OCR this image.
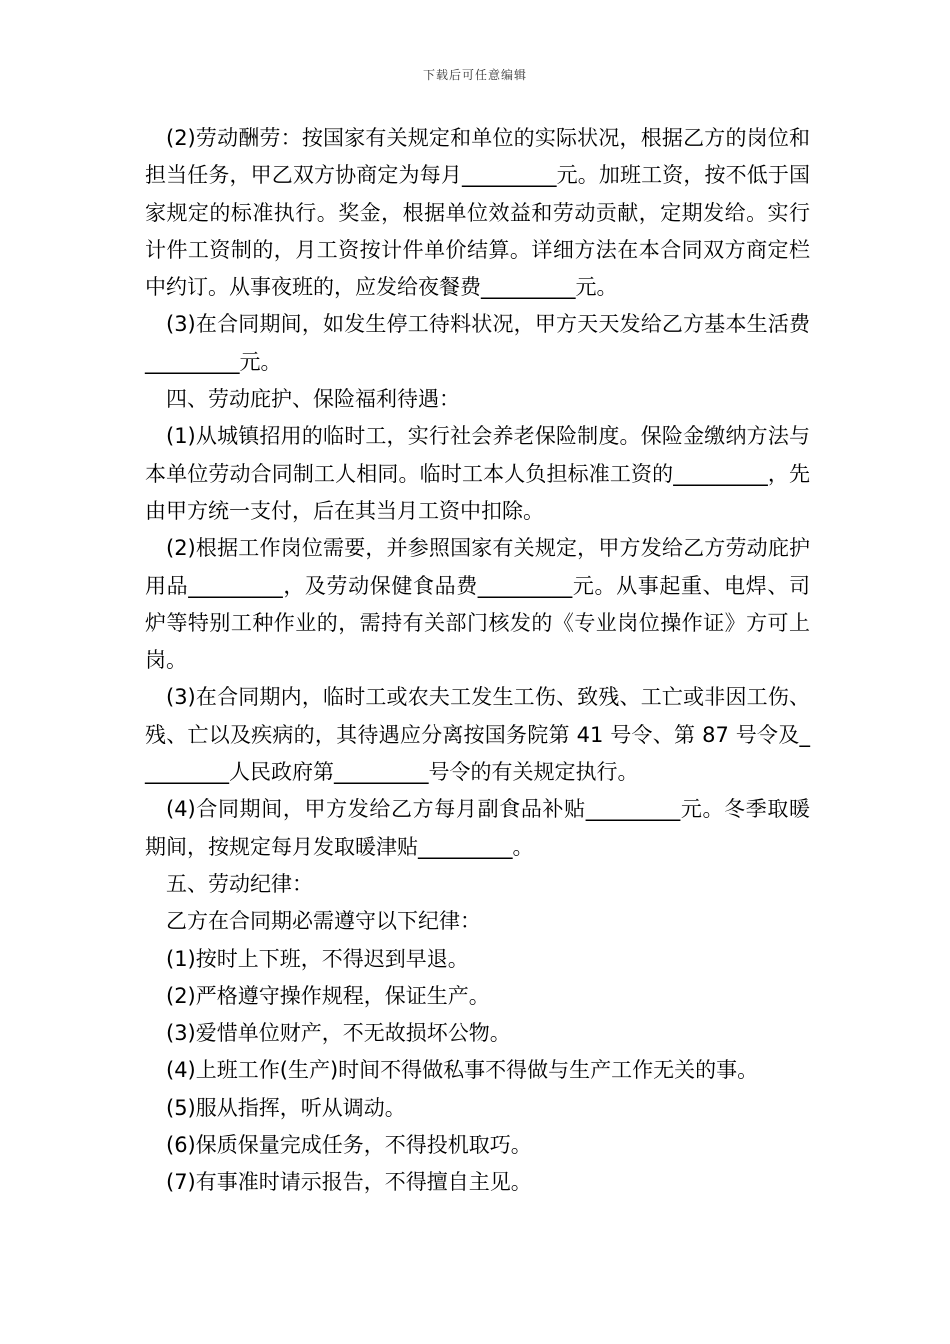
下载后可任意编辑

(2)劳动酬劳：按国家有关规定和单位的实际状况，根据乙方的岗位和担当任务，甲乙双方协商定为每月_________元。加班工资，按不低于国家规定的标准执行。奖金，根据单位效益和劳动贡献，定期发给。实行计件工资制的，月工资按计件单价结算。详细方法在本合同双方商定栏中约订。从事夜班的，应发给夜餐费_________元。

(3)在合同期间，如发生停工待料状况，甲方天天发给乙方基本生活费_________元。

四、劳动庇护、保险福利待遇：

(1)从城镇招用的临时工，实行社会养老保险制度。保险金缴纳方法与本单位劳动合同制工人相同。临时工本人负担标准工资的_________，先由甲方统一支付，后在其当月工资中扣除。

(2)根据工作岗位需要，并参照国家有关规定，甲方发给乙方劳动庇护用品_________，及劳动保健食品费_________元。从事起重、电焊、司炉等特别工种作业的，需持有关部门核发的《专业岗位操作证》方可上岗。

(3)在合同期内，临时工或农夫工发生工伤、致残、工亡或非因工伤、残、亡以及疾病的，其待遇应分离按国务院第 41 号令、第 87 号令及_________人民政府第_________号令的有关规定执行。

(4)合同期间，甲方发给乙方每月副食品补贴_________元。冬季取暖期间，按规定每月发取暖津贴_________。

五、劳动纪律：

乙方在合同期必需遵守以下纪律：

(1)按时上下班，不得迟到早退。

(2)严格遵守操作规程，保证生产。

(3)爱惜单位财产，不无故损坏公物。

(4)上班工作(生产)时间不得做私事不得做与生产工作无关的事。

(5)服从指挥，听从调动。

(6)保质保量完成任务，不得投机取巧。

(7)有事准时请示报告，不得擅自主见。
